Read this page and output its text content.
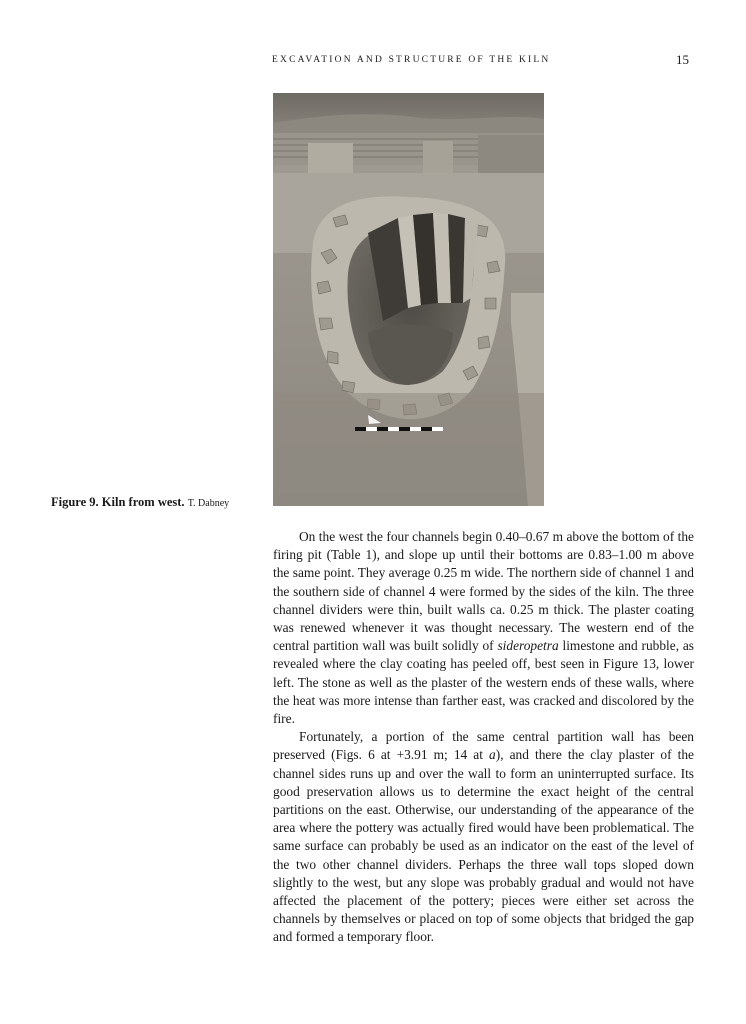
EXCAVATION AND STRUCTURE OF THE KILN	15
Figure 9. Kiln from west. T. Dabney

On the west the four channels begin 0.40–0.67 m above the bottom of the firing pit (Table 1), and slope up until their bottoms are 0.83–1.00 m above the same point. They average 0.25 m wide. The northern side of channel 1 and the southern side of channel 4 were formed by the sides of the kiln. The three channel dividers were thin, built walls ca. 0.25 m thick. The plaster coating was renewed whenever it was thought necessary. The western end of the central partition wall was built solidly of sideropetra limestone and rubble, as revealed where the clay coating has peeled off, best seen in Figure 13, lower left. The stone as well as the plaster of the western ends of these walls, where the heat was more intense than farther east, was cracked and discolored by the fire.

Fortunately, a portion of the same central partition wall has been preserved (Figs. 6 at +3.91 m; 14 at a), and there the clay plaster of the channel sides runs up and over the wall to form an uninterrupted surface. Its good preservation allows us to determine the exact height of the central partitions on the east. Otherwise, our understanding of the appearance of the area where the pottery was actually fired would have been problematical. The same surface can probably be used as an indicator on the east of the level of the two other channel dividers. Perhaps the three wall tops sloped down slightly to the west, but any slope was probably gradual and would not have affected the placement of the pottery; pieces were either set across the channels by themselves or placed on top of some objects that bridged the gap and formed a temporary floor.
